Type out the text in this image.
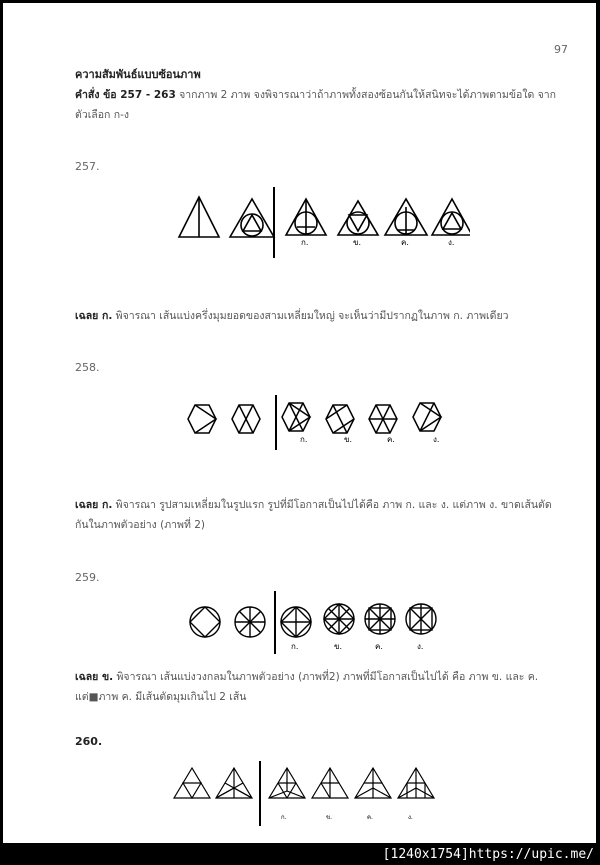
97
ความสัมพันธ์แบบซ้อนภาพ
คำสั่ง ข้อ 257 - 263 จากภาพ 2 ภาพ จงพิจารณาว่าถ้าภาพทั้งสองซ้อนกันให้สนิทจะได้ภาพตามข้อใด จากตัวเลือก ก-ง
257.
ก.	ข.	ค.	ง.
เฉลย ก. พิจารณา เส้นแบ่งครึ่งมุมยอดของสามเหลี่ยมใหญ่ จะเห็นว่ามีปรากฏในภาพ ก. ภาพเดียว
258.
ก.	ข.	ค.	ง.
เฉลย ก. พิจารณา รูปสามเหลี่ยมในรูปแรก รูปที่มีโอกาสเป็นไปได้คือ ภาพ ก. และ ง. แต่ภาพ ง. ขาดเส้นตัดกันในภาพตัวอย่าง (ภาพที่ 2)
259.
ก.	ข.	ค.	ง.
เฉลย ข. พิจารณา เส้นแบ่งวงกลมในภาพตัวอย่าง (ภาพที่2) ภาพที่มีโอกาสเป็นไปได้ คือ ภาพ ข. และ ค. แต่■ภาพ ค. มีเส้นตัดมุมเกินไป 2 เส้น
260.
ก.	ข.	ค.	ง.
[1240x1754]https://upic.me/
